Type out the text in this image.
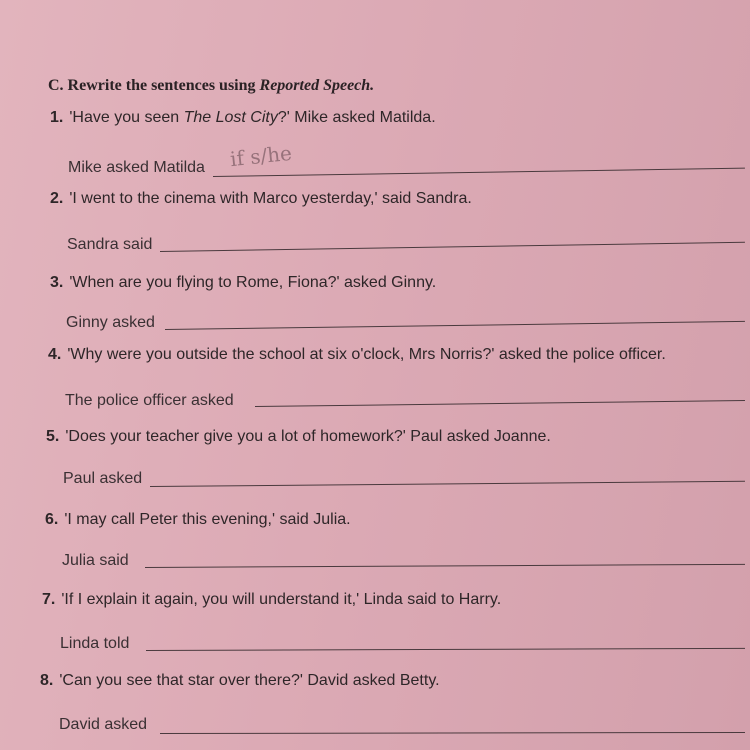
C. Rewrite the sentences using Reported Speech.
1. 'Have you seen The Lost City?' Mike asked Matilda.
Mike asked Matilda if s/he
2. 'I went to the cinema with Marco yesterday,' said Sandra.
Sandra said
3. 'When are you flying to Rome, Fiona?' asked Ginny.
Ginny asked
4. 'Why were you outside the school at six o'clock, Mrs Norris?' asked the police officer.
The police officer asked
5. 'Does your teacher give you a lot of homework?' Paul asked Joanne.
Paul asked
6. 'I may call Peter this evening,' said Julia.
Julia said
7. 'If I explain it again, you will understand it,' Linda said to Harry.
Linda told
8. 'Can you see that star over there?' David asked Betty.
David asked
